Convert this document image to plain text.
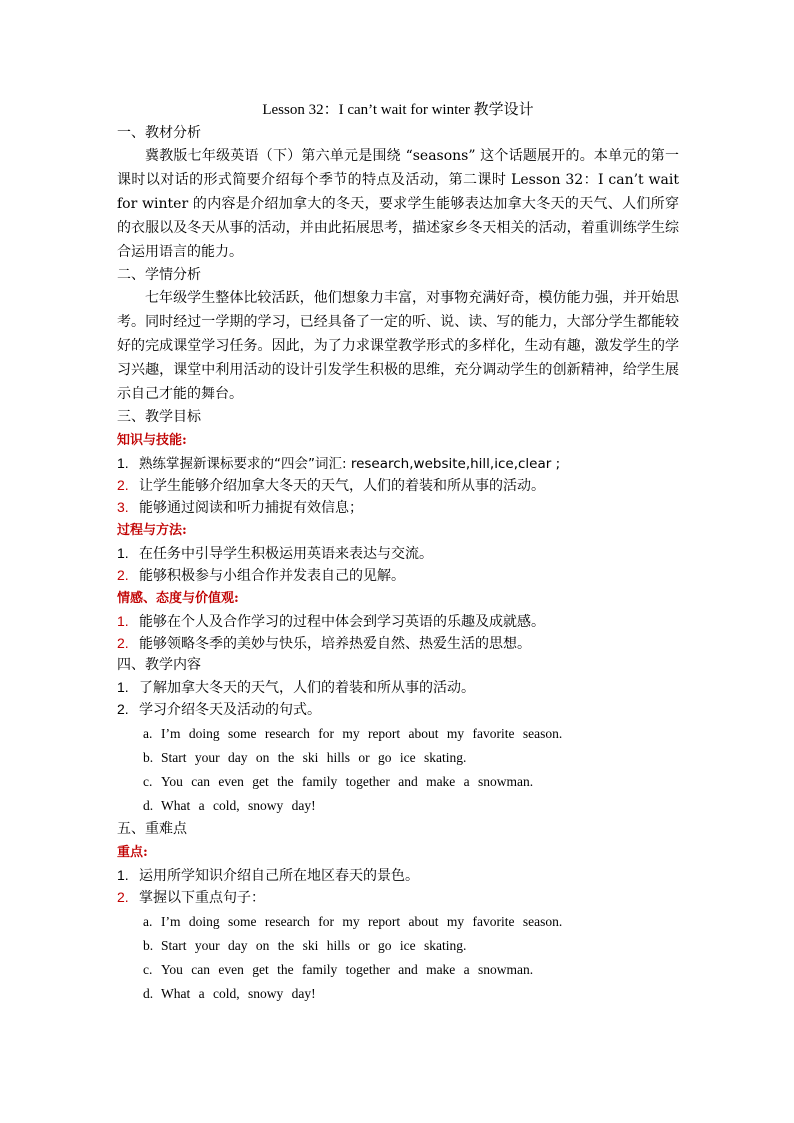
Lesson 32：I can’t wait for winter 教学设计
一、教材分析

冀教版七年级英语（下）第六单元是围绕 “seasons” 这个话题展开的。本单元的第一课时以对话的形式简要介绍每个季节的特点及活动，第二课时 Lesson 32：I can’t wait for winter 的内容是介绍加拿大的冬天，要求学生能够表达加拿大冬天的天气、人们所穿的衣服以及冬天从事的活动，并由此拓展思考，描述家乡冬天相关的活动，着重训练学生综合运用语言的能力。

二、学情分析

七年级学生整体比较活跃，他们想象力丰富，对事物充满好奇，模仿能力强，并开始思考。同时经过一学期的学习，已经具备了一定的听、说、读、写的能力，大部分学生都能较好的完成课堂学习任务。因此，为了力求课堂教学形式的多样化，生动有趣，激发学生的学习兴趣，课堂中利用活动的设计引发学生积极的思维，充分调动学生的创新精神，给学生展示自己才能的舞台。

三、教学目标
知识与技能:
1. 熟练掌握新课标要求的“四会”词汇: research,website,hill,ice,clear ;
2. 让学生能够介绍加拿大冬天的天气，人们的着装和所从事的活动。
3. 能够通过阅读和听力捕捉有效信息；
过程与方法:
1. 在任务中引导学生积极运用英语来表达与交流。
2. 能够积极参与小组合作并发表自己的见解。
情感、态度与价值观:
1. 能够在个人及合作学习的过程中体会到学习英语的乐趣及成就感。
2. 能够领略冬季的美妙与快乐，培养热爱自然、热爱生活的思想。
四、教学内容
1. 了解加拿大冬天的天气，人们的着装和所从事的活动。
2. 学习介绍冬天及活动的句式。
a. I’m doing some research for my report about my favorite season.
b. Start your day on the ski hills or go ice skating.
c. You can even get the family together and make a snowman.
d. What a cold, snowy day!
五、重难点
重点:
1. 运用所学知识介绍自己所在地区春天的景色。
2. 掌握以下重点句子：
a. I’m doing some research for my report about my favorite season.
b. Start your day on the ski hills or go ice skating.
c. You can even get the family together and make a snowman.
d. What a cold, snowy day!
